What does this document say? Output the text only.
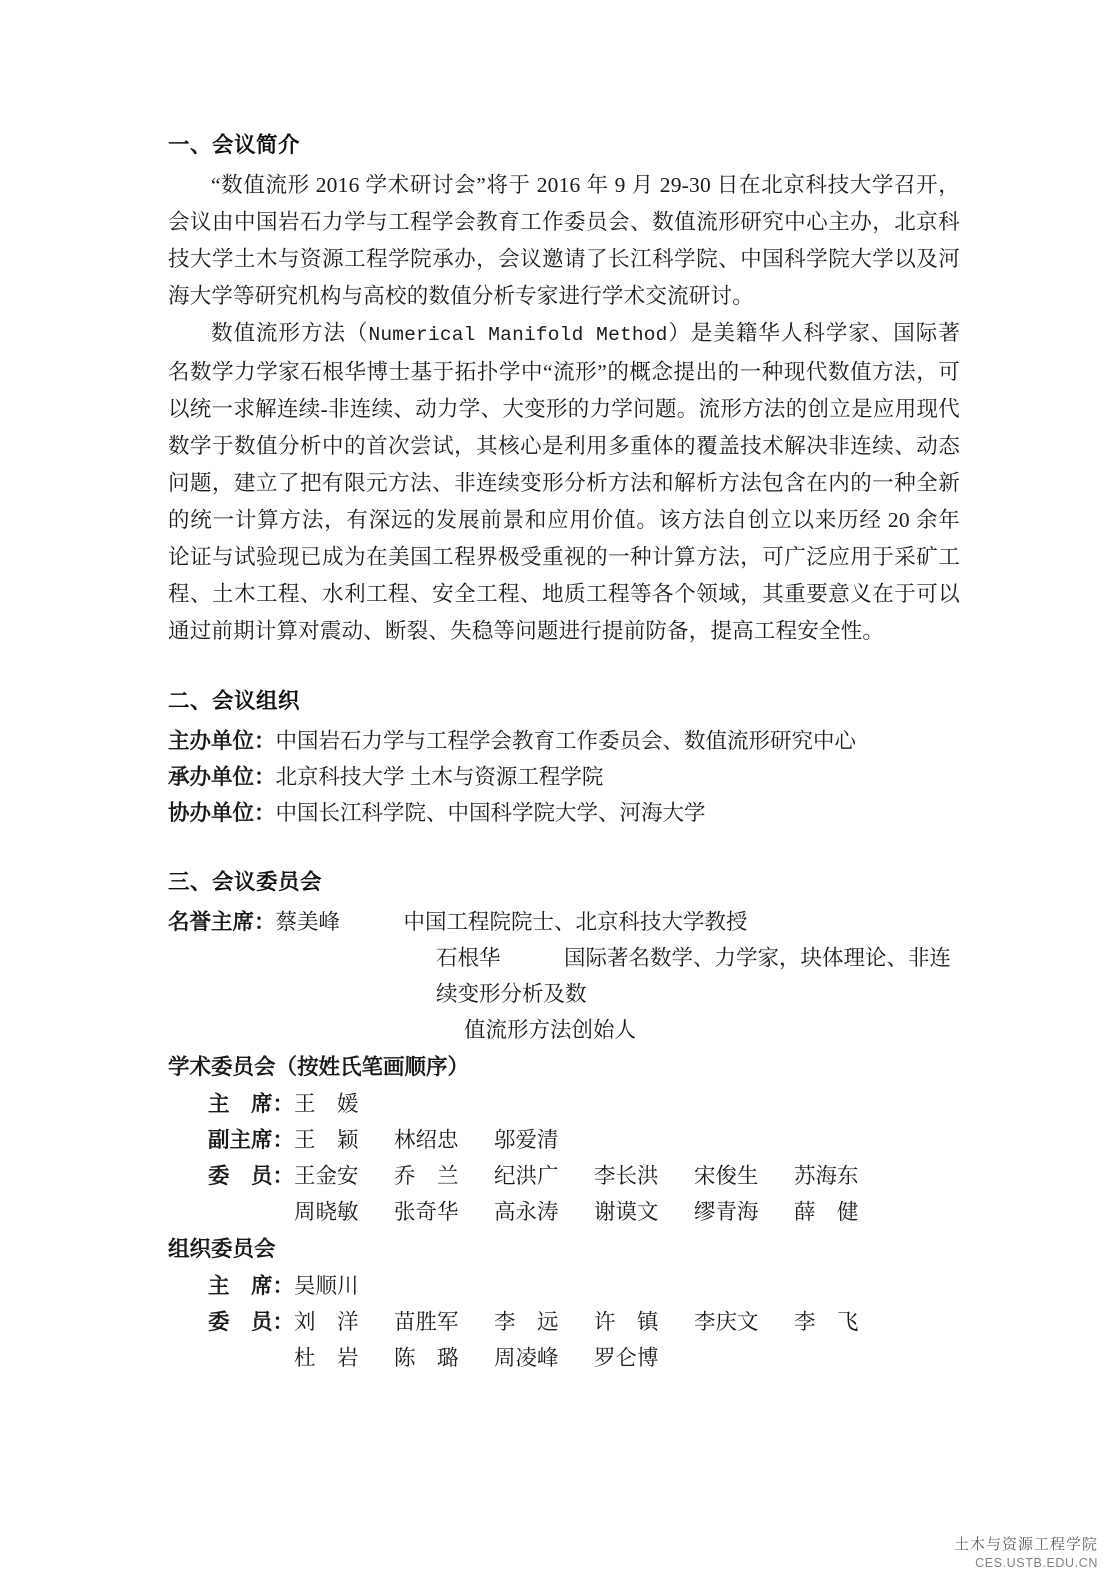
一、会议简介

“数值流形 2016 学术研讨会”将于 2016 年 9 月 29-30 日在北京科技大学召开，会议由中国岩石力学与工程学会教育工作委员会、数值流形研究中心主办，北京科技大学土木与资源工程学院承办，会议邀请了长江科学院、中国科学院大学以及河海大学等研究机构与高校的数值分析专家进行学术交流研讨。

数值流形方法（Numerical Manifold Method）是美籍华人科学家、国际著名数学力学家石根华博士基于拓扑学中“流形”的概念提出的一种现代数值方法，可以统一求解连续-非连续、动力学、大变形的力学问题。流形方法的创立是应用现代数学于数值分析中的首次尝试，其核心是利用多重体的覆盖技术解决非连续、动态问题，建立了把有限元方法、非连续变形分析方法和解析方法包含在内的一种全新的统一计算方法，有深远的发展前景和应用价值。该方法自创立以来历经 20 余年论证与试验现已成为在美国工程界极受重视的一种计算方法，可广泛应用于采矿工程、土木工程、水利工程、安全工程、地质工程等各个领域，其重要意义在于可以通过前期计算对震动、断裂、失稳等问题进行提前防备，提高工程安全性。

二、会议组织
主办单位：中国岩石力学与工程学会教育工作委员会、数值流形研究中心
承办单位：北京科技大学 土木与资源工程学院
协办单位：中国长江科学院、中国科学院大学、河海大学
三、会议委员会
名誉主席： 蔡美峰	中国工程院院士、北京科技大学教授
石根华	国际著名数学、力学家，块体理论、非连续变形分析及数
值流形方法创始人
学术委员会（按姓氏笔画顺序）
主　席： 王　媛
副主席： 王　颖	林绍忠	邬爱清
委　员： 王金安	乔　兰	纪洪广	李长洪	宋俊生	苏海东
周晓敏	张奇华	高永涛	谢谟文	缪青海	薛　健
组织委员会
主　席： 吴顺川
委　员： 刘　洋	苗胜军	李　远	许　镇	李庆文	李　飞
杜　岩	陈　璐	周凌峰	罗仑博
土木与资源工程学院
CES.USTB.EDU.CN
